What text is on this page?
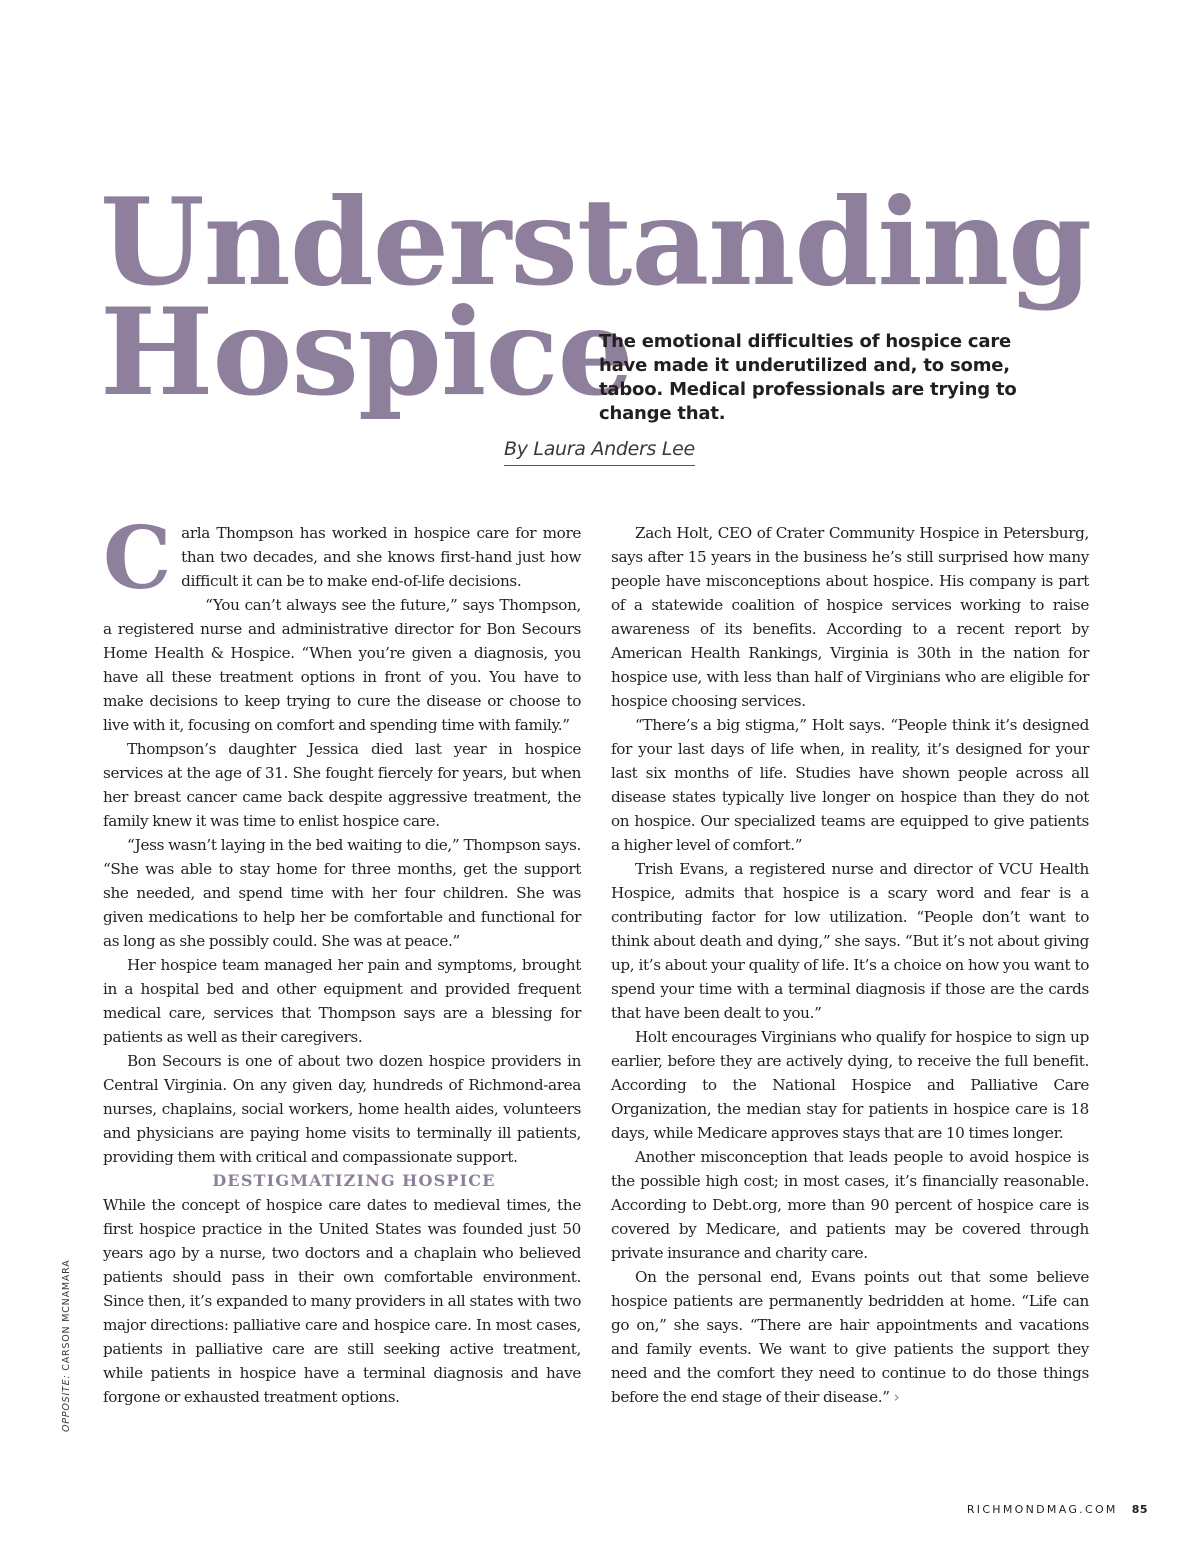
Understanding
Hospice
The emotional difficulties of hospice care have made it underutilized and, to some, taboo. Medical professionals are trying to change that.
By Laura Anders Lee

Carla Thompson has worked in hospice care for more than two decades, and she knows first-hand just how difficult it can be to make end-of-life decisions.

“You can’t always see the future,” says Thompson, a registered nurse and administrative director for Bon Secours Home Health & Hospice. “When you’re given a diagnosis, you have all these treatment options in front of you. You have to make decisions to keep trying to cure the disease or choose to live with it, focusing on comfort and spending time with family.”

Thompson’s daughter Jessica died last year in hospice services at the age of 31. She fought fiercely for years, but when her breast cancer came back despite aggressive treatment, the family knew it was time to enlist hospice care.

“Jess wasn’t laying in the bed waiting to die,” Thompson says. “She was able to stay home for three months, get the support she needed, and spend time with her four children. She was given medications to help her be comfortable and functional for as long as she possibly could. She was at peace.”

Her hospice team managed her pain and symptoms, brought in a hospital bed and other equipment and provided frequent medical care, services that Thompson says are a blessing for patients as well as their caregivers.

Bon Secours is one of about two dozen hospice providers in Central Virginia. On any given day, hundreds of Richmond-area nurses, chaplains, social workers, home health aides, volunteers and physicians are paying home visits to terminally ill patients, providing them with critical and compassionate support.

DESTIGMATIZING HOSPICE

While the concept of hospice care dates to medieval times, the first hospice practice in the United States was founded just 50 years ago by a nurse, two doctors and a chaplain who believed patients should pass in their own comfortable environment. Since then, it’s expanded to many providers in all states with two major directions: palliative care and hospice care. In most cases, patients in palliative care are still seeking active treatment, while patients in hospice have a terminal diagnosis and have forgone or exhausted treatment options.

Zach Holt, CEO of Crater Community Hospice in Petersburg, says after 15 years in the business he’s still surprised how many people have misconceptions about hospice. His company is part of a statewide coalition of hospice services working to raise awareness of its benefits. According to a recent report by American Health Rankings, Virginia is 30th in the nation for hospice use, with less than half of Virginians who are eligible for hospice choosing services.

“There’s a big stigma,” Holt says. “People think it’s designed for your last days of life when, in reality, it’s designed for your last six months of life. Studies have shown people across all disease states typically live longer on hospice than they do not on hospice. Our specialized teams are equipped to give patients a higher level of comfort.”

Trish Evans, a registered nurse and director of VCU Health Hospice, admits that hospice is a scary word and fear is a contributing factor for low utilization. “People don’t want to think about death and dying,” she says. “But it’s not about giving up, it’s about your quality of life. It’s a choice on how you want to spend your time with a terminal diagnosis if those are the cards that have been dealt to you.”

Holt encourages Virginians who qualify for hospice to sign up earlier, before they are actively dying, to receive the full benefit. According to the National Hospice and Palliative Care Organization, the median stay for patients in hospice care is 18 days, while Medicare approves stays that are 10 times longer.

Another misconception that leads people to avoid hospice is the possible high cost; in most cases, it’s financially reasonable. According to Debt.org, more than 90 percent of hospice care is covered by Medicare, and patients may be covered through private insurance and charity care.

On the personal end, Evans points out that some believe hospice patients are permanently bedridden at home. “Life can go on,” she says. “There are hair appointments and vacations and family events. We want to give patients the support they need and the comfort they need to continue to do those things before the end stage of their disease.” ›

OPPOSITE: CARSON MCNAMARA
RICHMONDMAG.COM 85
